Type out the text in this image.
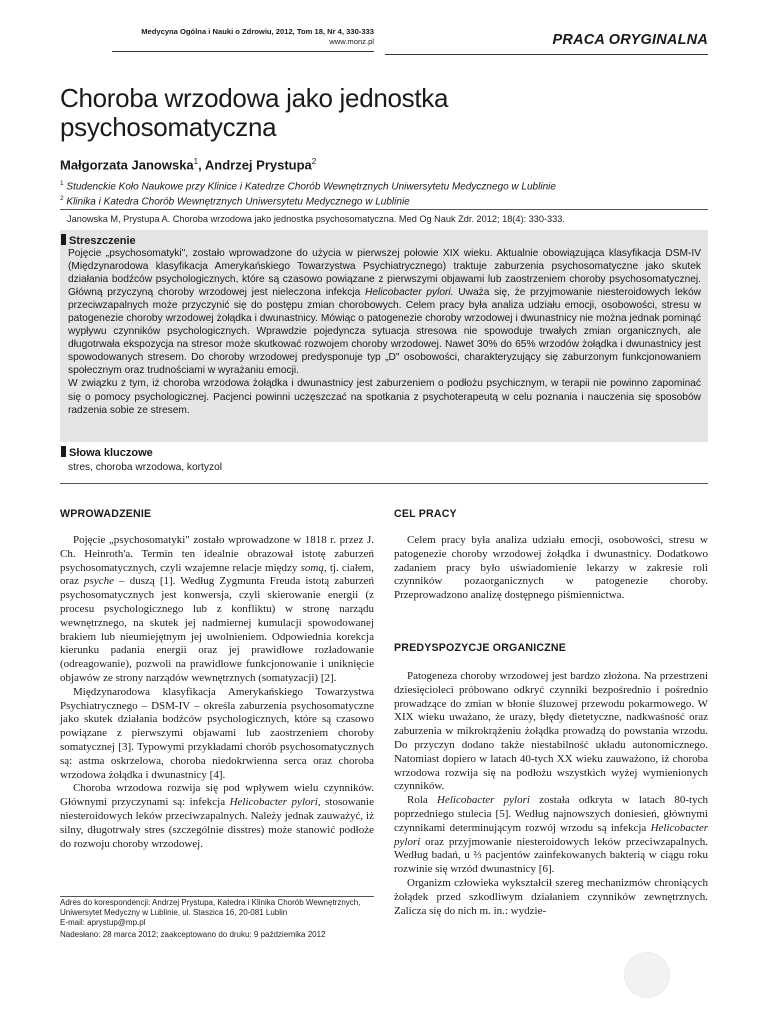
Medycyna Ogólna i Nauki o Zdrowiu, 2012, Tom 18, Nr 4, 330-333
www.monz.pl	PRACA ORYGINALNA
Choroba wrzodowa jako jednostka
psychosomatyczna
Małgorzata Janowska$^1$, Andrzej Prystupa$^2$
$^1$ Studenckie Koło Naukowe przy Klinice i Katedrze Chorób Wewnętrznych Uniwersytetu Medycznego w Lublinie
$^2$ Klinika i Katedra Chorób Wewnętrznych Uniwersytetu Medycznego w Lublinie
Janowska M, Prystupa A. Choroba wrzodowa jako jednostka psychosomatyczna. Med Og Nauk Zdr. 2012; 18(4): 330-333.
Streszczenie
Pojęcie „psychosomatyki", zostało wprowadzone do użycia w pierwszej połowie XIX wieku. Aktualnie obowiązująca klasyfikacja DSM-IV (Międzynarodowa klasyfikacja Amerykańskiego Towarzystwa Psychiatrycznego) traktuje zaburzenia psychosomatyczne jako skutek działania bodźców psychologicznych, które są czasowo powiązane z pierwszymi objawami lub zaostrzeniem choroby psychosomatycznej. Główną przyczyną choroby wrzodowej jest nieleczona infekcja Helicobacter pylori. Uważa się, że przyjmowanie niesteroidowych leków przeciwzapalnych może przyczynić się do postępu zmian chorobowych. Celem pracy była analiza udziału emocji, osobowości, stresu w patogenezie choroby wrzodowej żołądka i dwunastnicy. Mówiąc o patogenezie choroby wrzodowej i dwunastnicy nie można jednak pominąć wypływu czynników psychologicznych. Wprawdzie pojedyncza sytuacja stresowa nie spowoduje trwałych zmian organicznych, ale długotrwała ekspozycja na stresor może skutkować rozwojem choroby wrzodowej. Nawet 30% do 65% wrzodów żołądka i dwunastnicy jest spowodowanych stresem. Do choroby wrzodowej predysponuje typ „D" osobowości, charakteryzujący się zaburzonym funkcjonowaniem społecznym oraz trudnościami w wyrażaniu emocji.
W związku z tym, iż choroba wrzodowa żołądka i dwunastnicy jest zaburzeniem o podłożu psychicznym, w terapii nie powinno zapominać się o pomocy psychologicznej. Pacjenci powinni uczęszczać na spotkania z psychoterapeutą w celu poznania i nauczenia się sposobów radzenia sobie ze stresem.
Słowa kluczowe
stres, choroba wrzodowa, kortyzol
WPROWADZENIE	CEL PRACY
PREDYSPOZYCJE ORGANICZNE

Pojęcie „psychosomatyki" zostało wprowadzone w 1818 r. przez J. Ch. Heinroth'a. Termin ten idealnie obrazował istotę zaburzeń psychosomatycznych, czyli wzajemne relacje między somą, tj. ciałem, oraz psyche – duszą [1]. Według Zygmunta Freuda istotą zaburzeń psychosomatycznych jest konwersja, czyli skierowanie energii (z procesu psychologicznego lub z konfliktu) w stronę narządu wewnętrznego, na skutek jej nadmiernej kumulacji spowodowanej brakiem lub nieumiejętnym jej uwolnieniem. Odpowiednia korekcja kierunku padania energii oraz jej prawidłowe rozładowanie (odreagowanie), pozwoli na prawidłowe funkcjonowanie i uniknięcie objawów ze strony narządów wewnętrznych (somatyzacji) [2].

Międzynarodowa klasyfikacja Amerykańskiego Towarzystwa Psychiatrycznego – DSM-IV – określa zaburzenia psychosomatyczne jako skutek działania bodźców psychologicznych, które są czasowo powiązane z pierwszymi objawami lub zaostrzeniem choroby somatycznej [3]. Typowymi przykładami chorób psychosomatycznych są: astma oskrzelowa, choroba niedokrwienna serca oraz choroba wrzodowa żołądka i dwunastnicy [4].

Choroba wrzodowa rozwija się pod wpływem wielu czynników. Głównymi przyczynami są: infekcja Helicobacter pylori, stosowanie niesteroidowych leków przeciwzapalnych. Należy jednak zauważyć, iż silny, długotrwały stres (szczególnie disstres) może stanowić podłoże do rozwoju choroby wrzodowej.

Celem pracy była analiza udziału emocji, osobowości, stresu w patogenezie choroby wrzodowej żołądka i dwunastnicy. Dodatkowo zadaniem pracy było uświadomienie lekarzy w zakresie roli czynników pozaorganicznych w patogenezie choroby. Przeprowadzono analizę dostępnego piśmiennictwa.

Patogeneza choroby wrzodowej jest bardzo złożona. Na przestrzeni dziesięcioleci próbowano odkryć czynniki bezpośrednio i pośrednio prowadzące do zmian w błonie śluzowej przewodu pokarmowego. W XIX wieku uważano, że urazy, błędy dietetyczne, nadkwaśność oraz zaburzenia w mikrokrążeniu żołądka prowadzą do powstania wrzodu. Do przyczyn dodano także niestabilność układu autonomicznego. Natomiast dopiero w latach 40-tych XX wieku zauważono, iż choroba wrzodowa rozwija się na podłożu wszystkich wyżej wymienionych czynników.

Rola Helicobacter pylori została odkryta w latach 80-tych poprzedniego stulecia [5]. Według najnowszych doniesień, głównymi czynnikami determinującym rozwój wrzodu są infekcja Helicobacter pylori oraz przyjmowanie niesteroidowych leków przeciwzapalnych. Według badań, u ⅔ pacjentów zainfekowanych bakterią w ciągu roku rozwinie się wrzód dwunastnicy [6].

Organizm człowieka wykształcił szereg mechanizmów chroniących żołądek przed szkodliwym działaniem czynników zewnętrznych. Zalicza się do nich m. in.: wydzie-

Adres do korespondencji: Andrzej Prystupa, Katedra i Klinika Chorób Wewnętrznych, Uniwersytet Medyczny w Lublinie, ul. Staszica 16, 20-081 Lublin
E-mail: aprystup@mp.pl
Nadesłano: 28 marca 2012; zaakceptowano do druku: 9 października 2012
